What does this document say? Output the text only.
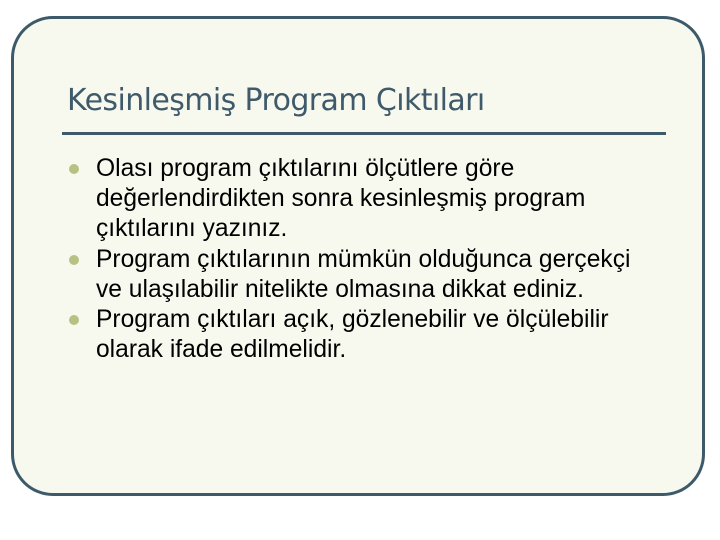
Kesinleşmiş Program Çıktıları
Olası program çıktılarını ölçütlere göre değerlendirdikten sonra kesinleşmiş program çıktılarını yazınız.
Program çıktılarının mümkün olduğunca gerçekçi ve ulaşılabilir nitelikte olmasına dikkat ediniz.
Program çıktıları açık, gözlenebilir ve ölçülebilir olarak ifade edilmelidir.
